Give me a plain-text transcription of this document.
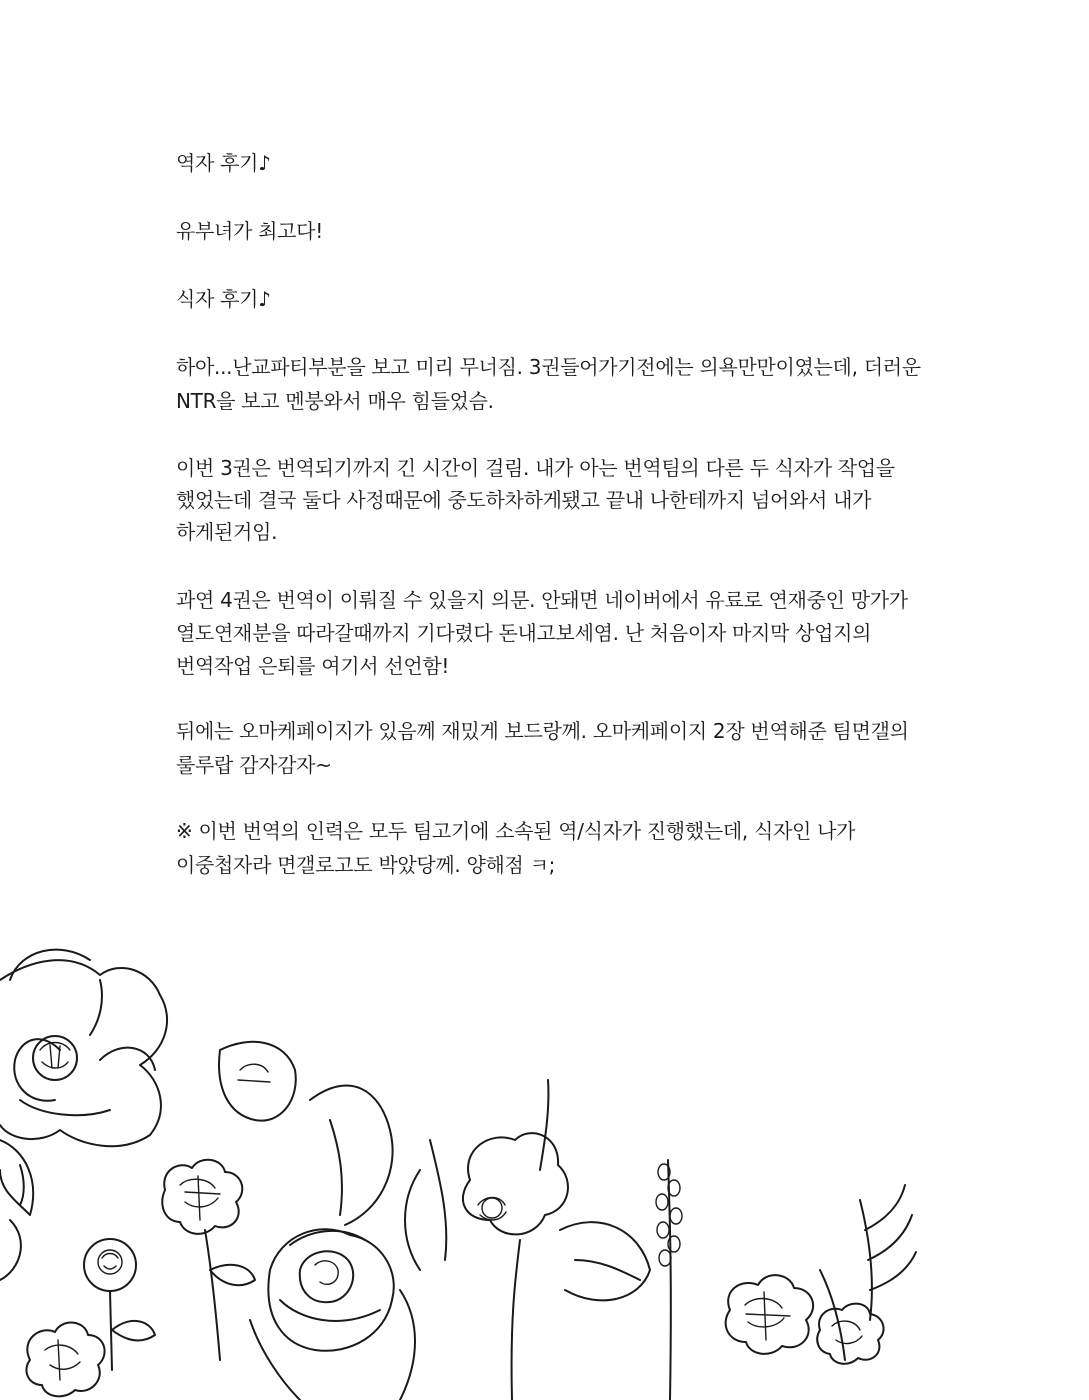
역자 후기♪
유부녀가 최고다!
식자 후기♪
하아...난교파티부분을 보고 미리 무너짐. 3권들어가기전에는 의욕만만이였는데, 더러운
NTR을 보고 멘붕와서 매우 힘들었슴.
이번 3권은 번역되기까지 긴 시간이 걸림. 내가 아는 번역팀의 다른 두 식자가 작업을
했었는데 결국 둘다 사정때문에 중도하차하게됐고 끝내 나한테까지 넘어와서 내가
하게된거임.
과연 4권은 번역이 이뤄질 수 있을지 의문. 안돼면 네이버에서 유료로 연재중인 망가가
열도연재분을 따라갈때까지 기다렸다 돈내고보세염. 난 처음이자 마지막 상업지의
번역작업 은퇴를 여기서 선언함!
뒤에는 오마케페이지가 있음께 재밌게 보드랑께. 오마케페이지 2장 번역해준 팀면갤의
룰루랍 감자감자~
※ 이번 번역의 인력은 모두 팀고기에 소속된 역/식자가 진행했는데, 식자인 나가
이중첩자라 면갤로고도 박았당께. 양해점 ㅋ;
